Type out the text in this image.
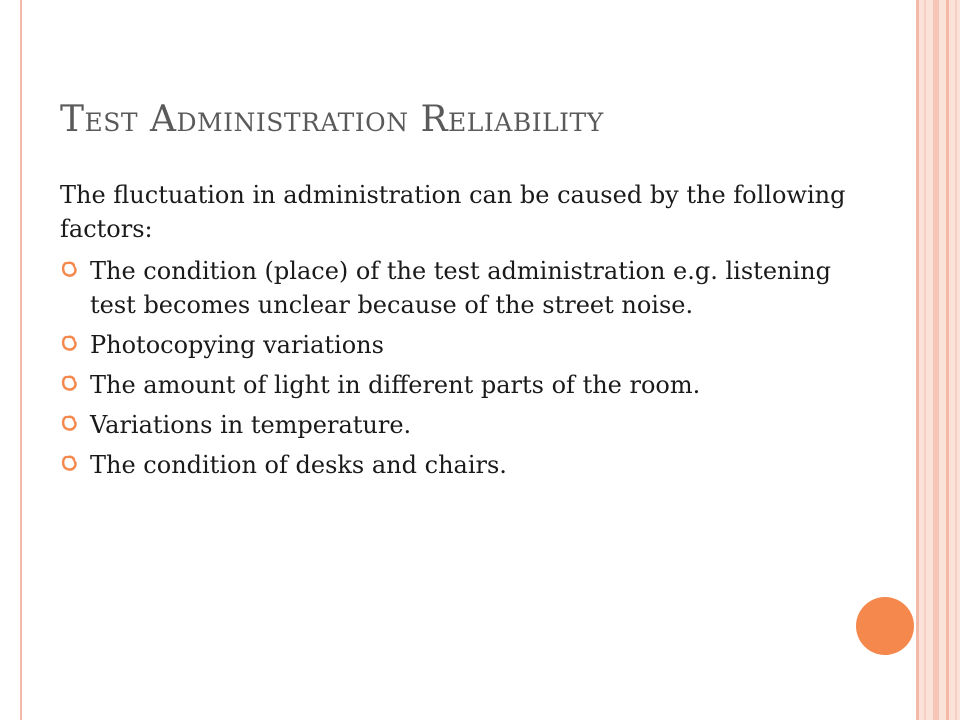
Test Administration Reliability

The fluctuation in administration can be caused by the following factors:

The condition (place) of the test administration e.g. listening test becomes unclear because of the street noise.
Photocopying variations
The amount of light in different parts of the room.
Variations in temperature.
The condition of desks and chairs.
